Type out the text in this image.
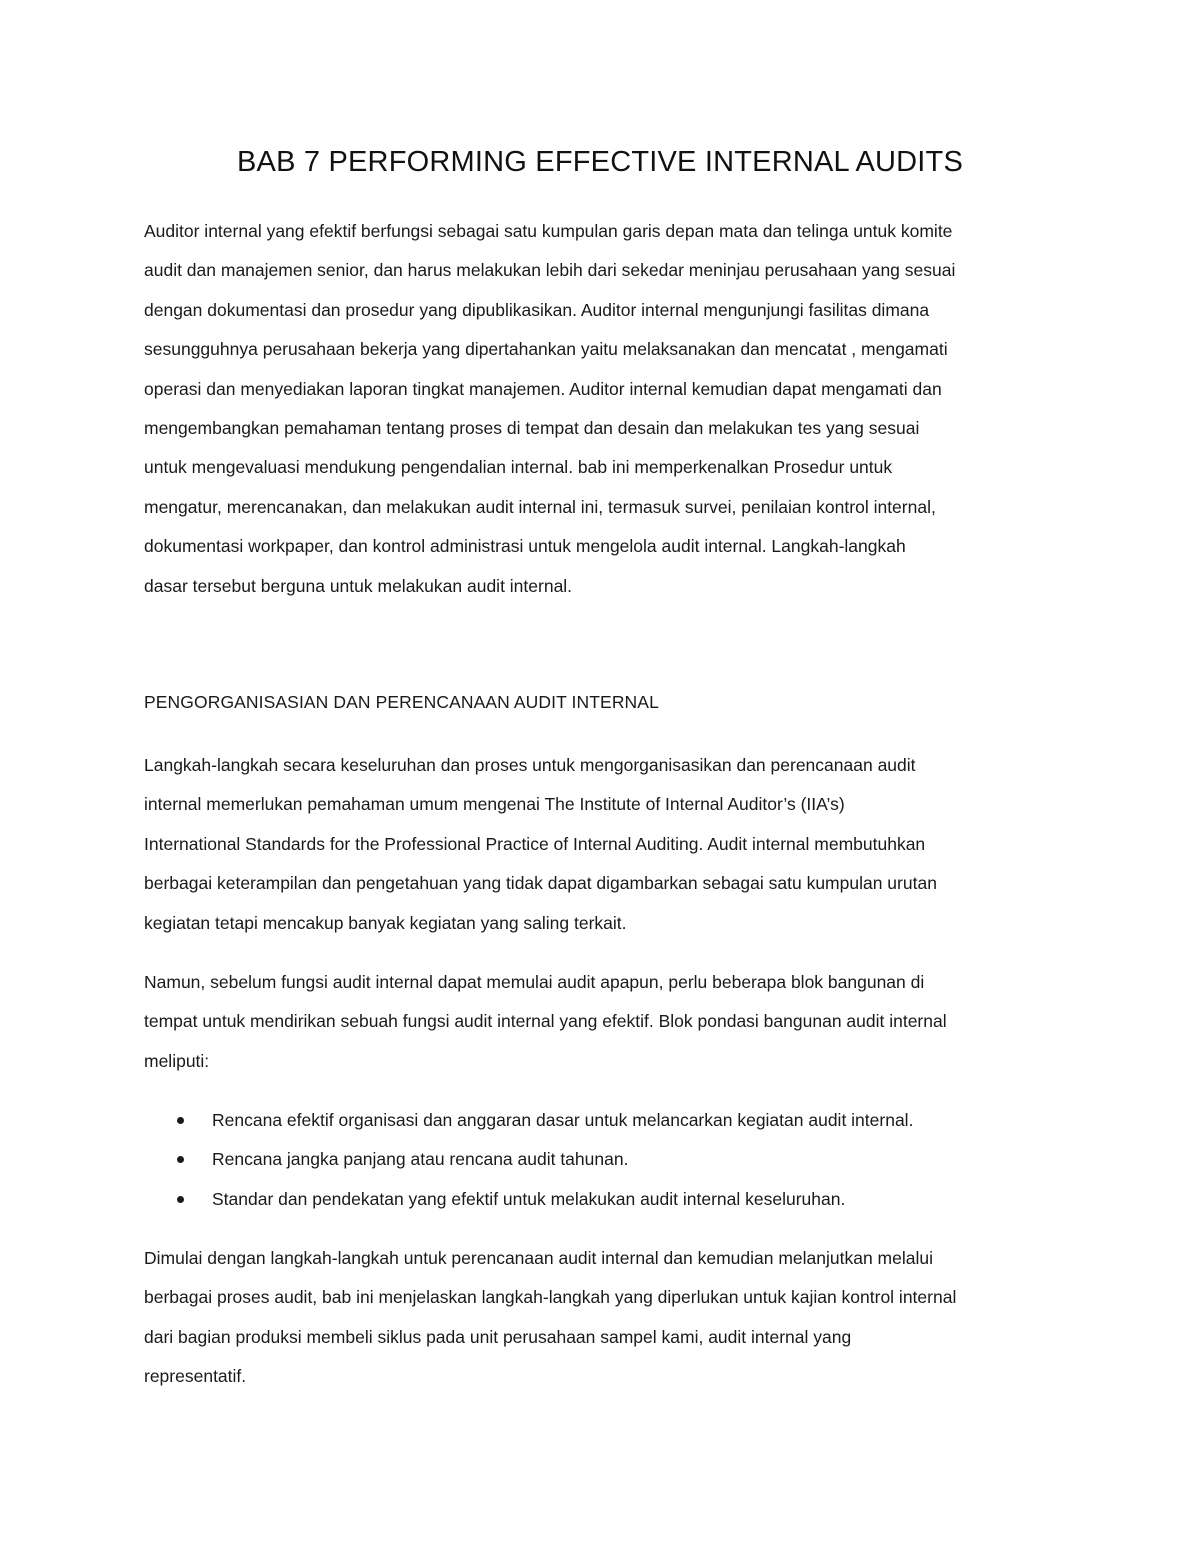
BAB 7 PERFORMING EFFECTIVE INTERNAL AUDITS

Auditor internal yang efektif berfungsi sebagai satu kumpulan garis depan mata dan telinga untuk komite
audit dan manajemen senior, dan harus melakukan lebih dari sekedar meninjau perusahaan yang sesuai
dengan dokumentasi dan prosedur yang dipublikasikan. Auditor internal mengunjungi fasilitas dimana
sesungguhnya perusahaan bekerja yang dipertahankan yaitu melaksanakan dan mencatat , mengamati
operasi dan menyediakan laporan tingkat manajemen. Auditor internal kemudian dapat mengamati dan
mengembangkan pemahaman tentang proses di tempat dan desain dan melakukan tes yang sesuai
untuk mengevaluasi mendukung pengendalian internal. bab ini memperkenalkan Prosedur untuk
mengatur, merencanakan, dan melakukan audit internal ini, termasuk survei, penilaian kontrol internal,
dokumentasi workpaper, dan kontrol administrasi untuk mengelola audit internal. Langkah-langkah
dasar tersebut berguna untuk melakukan audit internal.

PENGORGANISASIAN DAN PERENCANAAN AUDIT INTERNAL

Langkah-langkah secara keseluruhan dan proses untuk mengorganisasikan dan perencanaan audit
internal memerlukan pemahaman umum mengenai The Institute of Internal Auditor’s (IIA’s)
International Standards for the Professional Practice of Internal Auditing. Audit internal membutuhkan
berbagai keterampilan dan pengetahuan yang tidak dapat digambarkan sebagai satu kumpulan urutan
kegiatan tetapi mencakup banyak kegiatan yang saling terkait.

Namun, sebelum fungsi audit internal dapat memulai audit apapun, perlu beberapa blok bangunan di
tempat untuk mendirikan sebuah fungsi audit internal yang efektif. Blok pondasi bangunan audit internal
meliputi:

Rencana efektif organisasi dan anggaran dasar untuk melancarkan kegiatan audit internal.
Rencana jangka panjang atau rencana audit tahunan.
Standar dan pendekatan yang efektif untuk melakukan audit internal keseluruhan.

Dimulai dengan langkah-langkah untuk perencanaan audit internal dan kemudian melanjutkan melalui
berbagai proses audit, bab ini menjelaskan langkah-langkah yang diperlukan untuk kajian kontrol internal
dari bagian produksi membeli siklus pada unit perusahaan sampel kami, audit internal yang
representatif.
